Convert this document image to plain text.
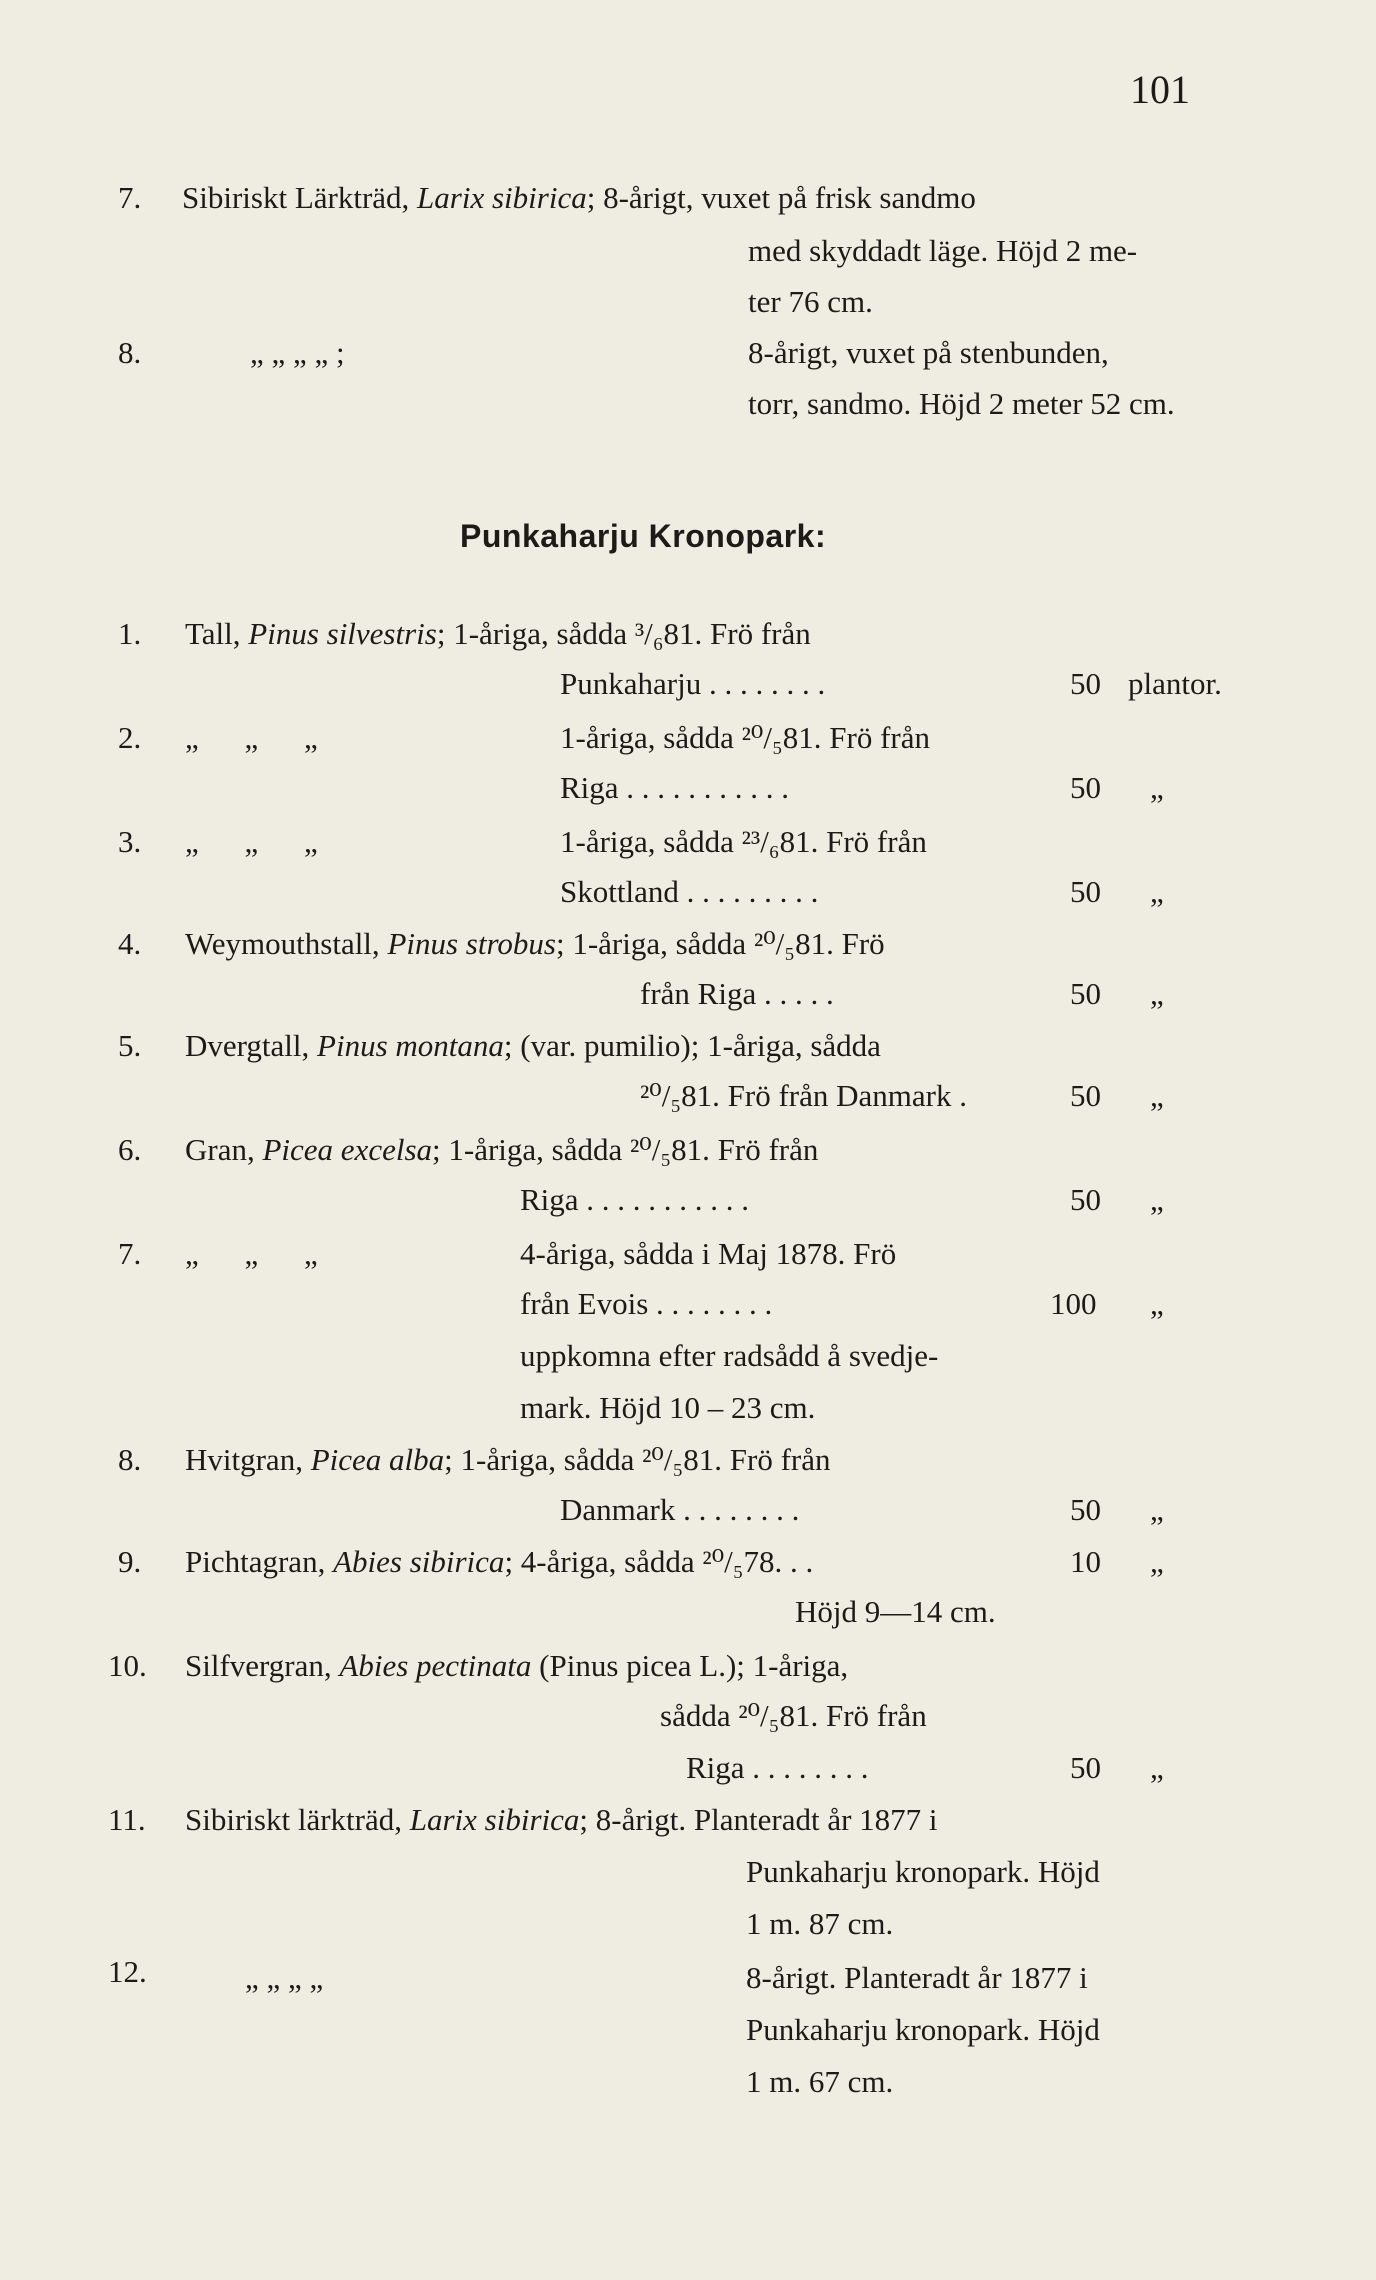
101
7. Sibiriskt Lärkträd, Larix sibirica; 8-årigt, vuxet på frisk sandmo
med skyddadt läge. Höjd 2 me-
ter 76 cm.
8.	„ „ „ „ ;	8-årigt, vuxet på stenbunden,
torr, sandmo. Höjd 2 meter 52 cm.
Punkaharju Kronopark:
1. Tall, Pinus silvestris; 1-åriga, sådda ³/₆81. Frö från
Punkaharju . . . . . . . .	50 plantor.
2. „ „ „	1-åriga, sådda ²⁰/₅81. Frö från
Riga . . . . . . . . . . .	50 „
3. „ „ „	1-åriga, sådda ²³/₆81. Frö från
Skottland . . . . . . . . .	50 „
4. Weymouthstall, Pinus strobus; 1-åriga, sådda ²⁰/₅81. Frö
från Riga . . . . .	50 „
5. Dvergtall, Pinus montana; (var. pumilio); 1-åriga, sådda
²⁰/₅81. Frö från Danmark .	50 „
6. Gran, Picea excelsa; 1-åriga, sådda ²⁰/₅81. Frö från
Riga . . . . . . . . . . .	50 „
7. „ „ „	4-åriga, sådda i Maj 1878. Frö
från Evois . . . . . . . .	100 „
uppkomna efter radsådd å svedje-
mark. Höjd 10 – 23 cm.
8. Hvitgran, Picea alba; 1-åriga, sådda ²⁰/₅81. Frö från
Danmark . . . . . . . .	50 „
9. Pichtagran, Abies sibirica; 4-åriga, sådda ²⁰/₅78. . .	10 „
Höjd 9—14 cm.
10. Silfvergran, Abies pectinata (Pinus picea L.); 1-åriga,
sådda ²⁰/₅81. Frö från
Riga . . . . . . . .	50 „
11. Sibiriskt lärkträd, Larix sibirica; 8-årigt. Planteradt år 1877 i
Punkaharju kronopark. Höjd
1 m. 87 cm.
12.	„ „ „ „	8-årigt. Planteradt år 1877 i
Punkaharju kronopark. Höjd
1 m. 67 cm.
